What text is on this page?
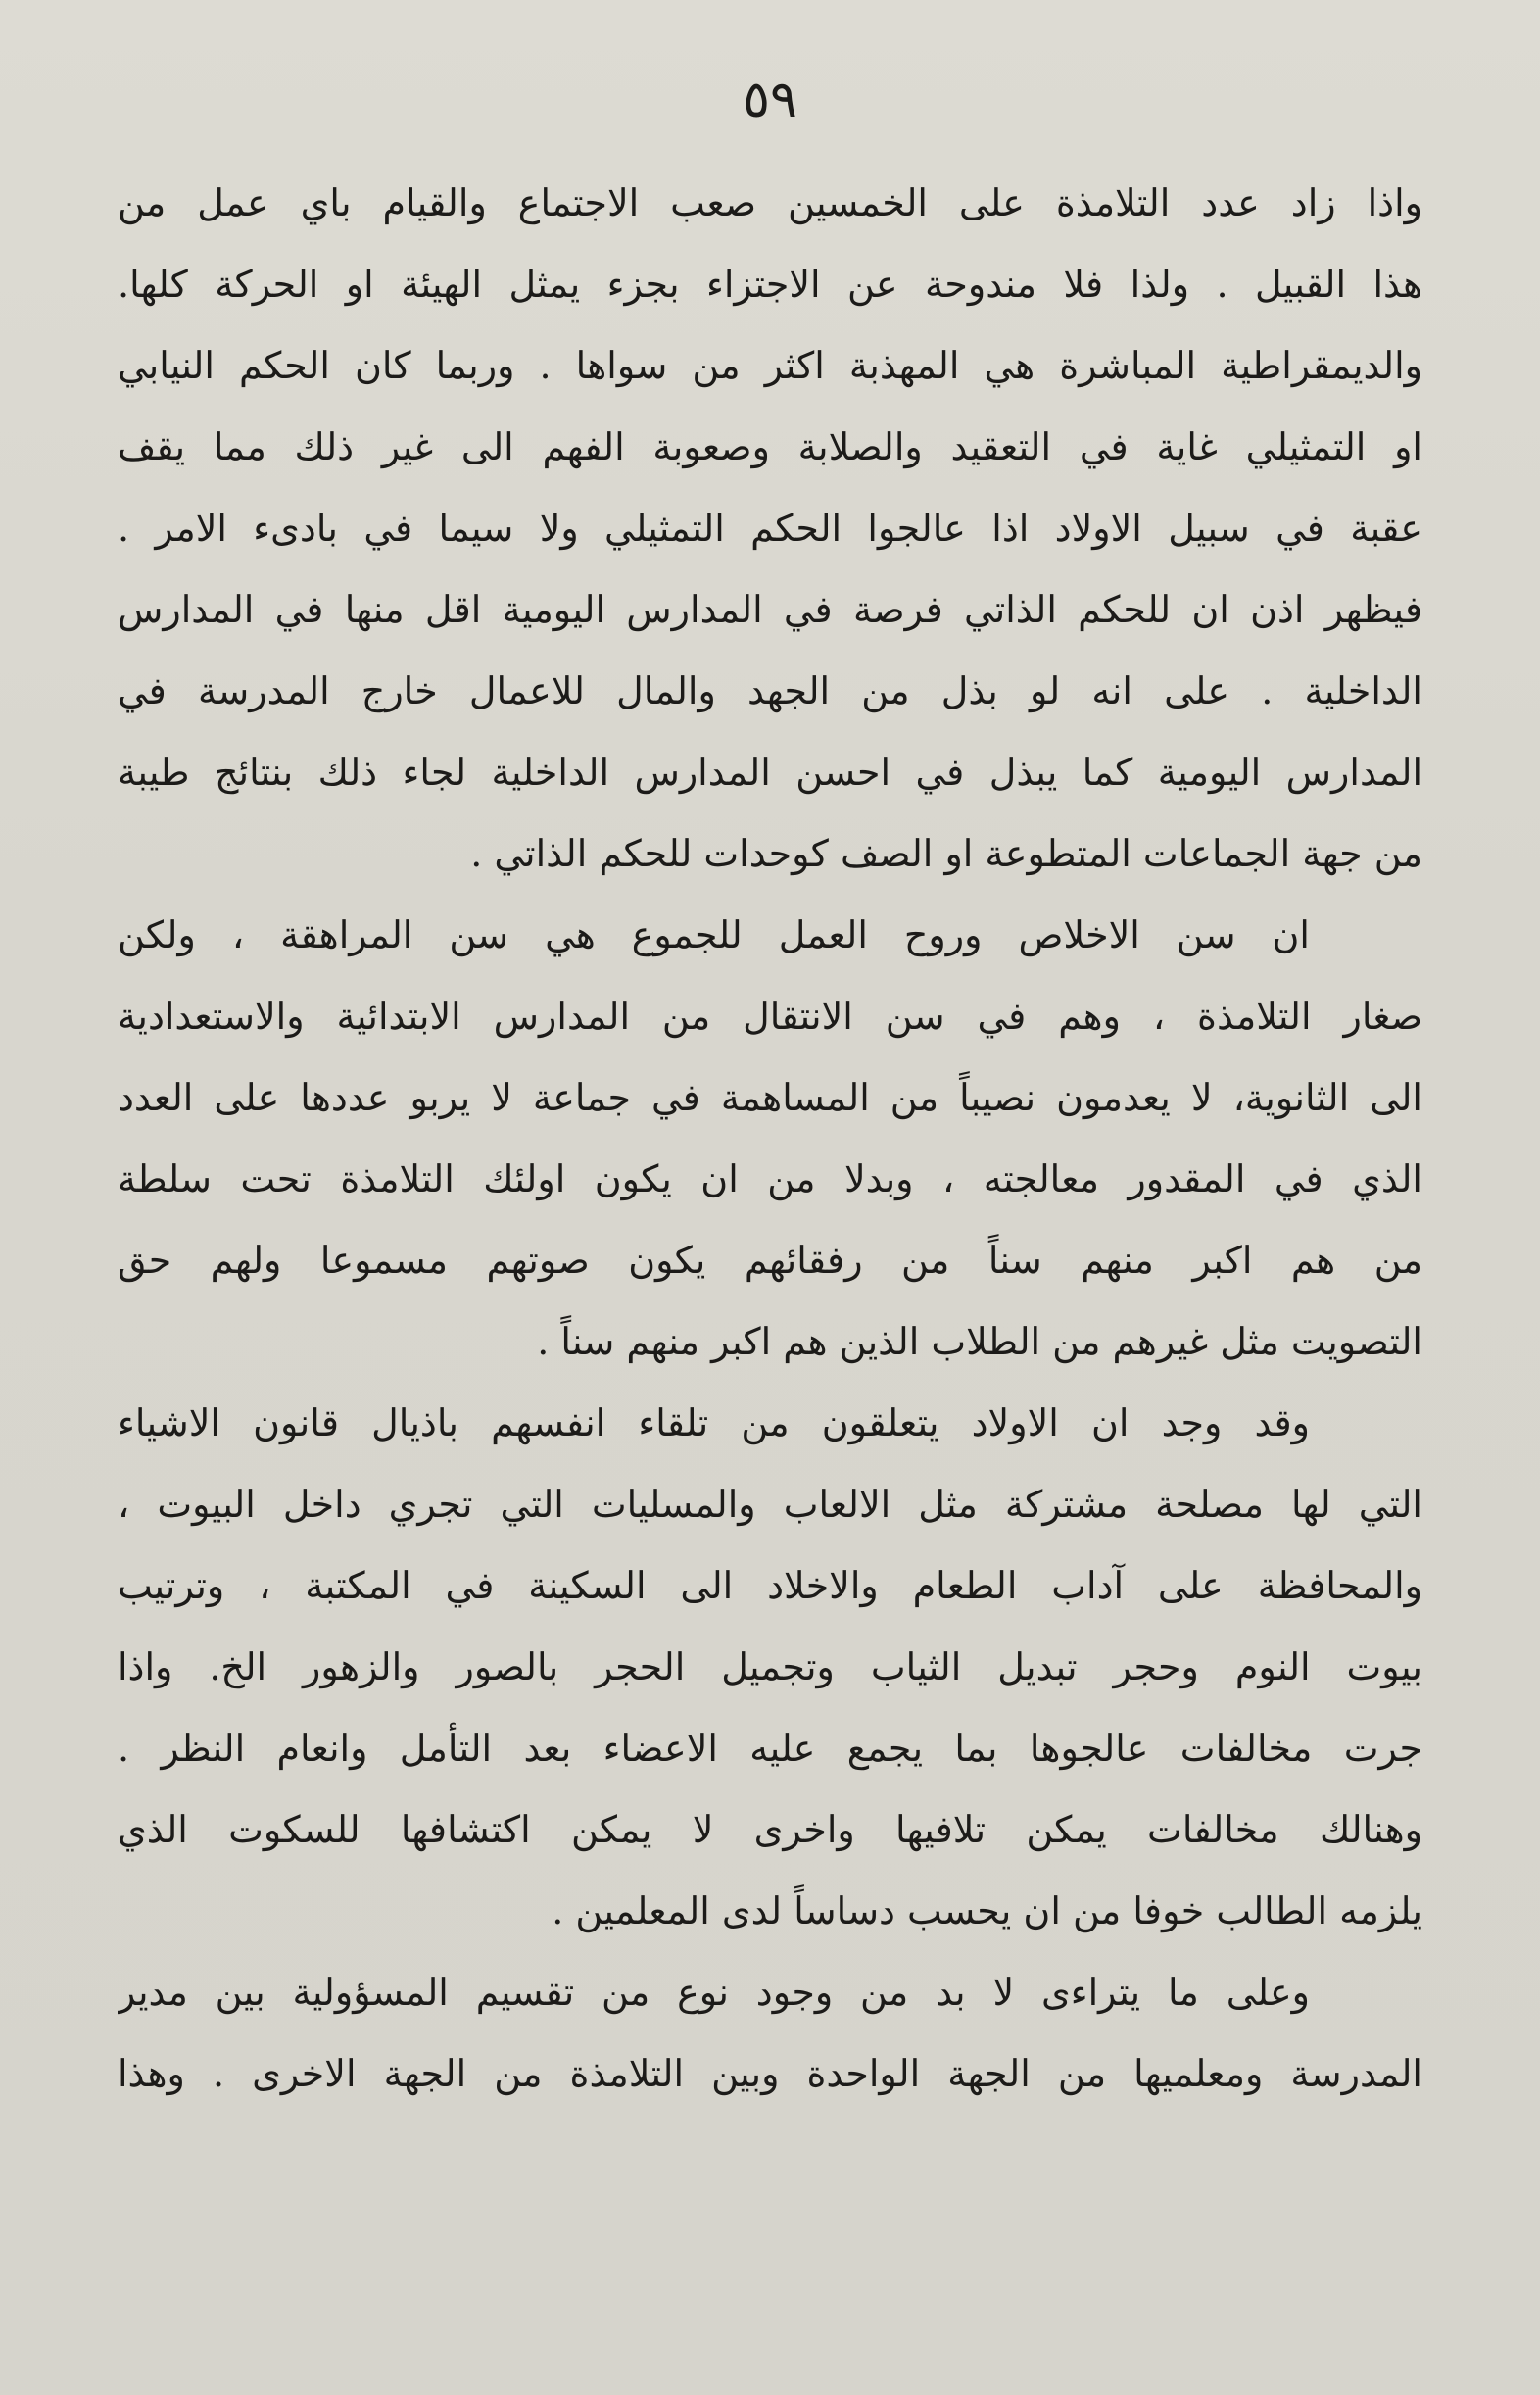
٥٩
واذا زاد عدد التلامذة على الخمسين صعب الاجتماع والقيام باي عمل من
هذا القبيل . ولذا فلا مندوحة عن الاجتزاء بجزء يمثل الهيئة او الحركة كلها.
والديمقراطية المباشرة هي المهذبة اكثر من سواها . وربما كان الحكم النيابي
او التمثيلي غاية في التعقيد والصلابة وصعوبة الفهم الى غير ذلك مما يقف
عقبة في سبيل الاولاد اذا عالجوا الحكم التمثيلي ولا سيما في بادىء الامر .
فيظهر اذن ان للحكم الذاتي فرصة في المدارس اليومية اقل منها في المدارس
الداخلية . على انه لو بذل من الجهد والمال للاعمال خارج المدرسة في
المدارس اليومية كما يبذل في احسن المدارس الداخلية لجاء ذلك بنتائج طيبة
من جهة الجماعات المتطوعة او الصف كوحدات للحكم الذاتي .
ان سن الاخلاص وروح العمل للجموع هي سن المراهقة ، ولكن
صغار التلامذة ، وهم في سن الانتقال من المدارس الابتدائية والاستعدادية
الى الثانوية، لا يعدمون نصيباً من المساهمة في جماعة لا يربو عددها على العدد
الذي في المقدور معالجته ، وبدلا من ان يكون اولئك التلامذة تحت سلطة
من هم اكبر منهم سناً من رفقائهم يكون صوتهم مسموعا ولهم حق
التصويت مثل غيرهم من الطلاب الذين هم اكبر منهم سناً .
وقد وجد ان الاولاد يتعلقون من تلقاء انفسهم باذيال قانون الاشياء
التي لها مصلحة مشتركة مثل الالعاب والمسليات التي تجري داخل البيوت ،
والمحافظة على آداب الطعام والاخلاد الى السكينة في المكتبة ، وترتيب
بيوت النوم وحجر تبديل الثياب وتجميل الحجر بالصور والزهور الخ. واذا
جرت مخالفات عالجوها بما يجمع عليه الاعضاء بعد التأمل وانعام النظر .
وهنالك مخالفات يمكن تلافيها واخرى لا يمكن اكتشافها للسكوت الذي
يلزمه الطالب خوفا من ان يحسب دساساً لدى المعلمين .
وعلى ما يتراءى لا بد من وجود نوع من تقسيم المسؤولية بين مدير
المدرسة ومعلميها من الجهة الواحدة وبين التلامذة من الجهة الاخرى . وهذا
